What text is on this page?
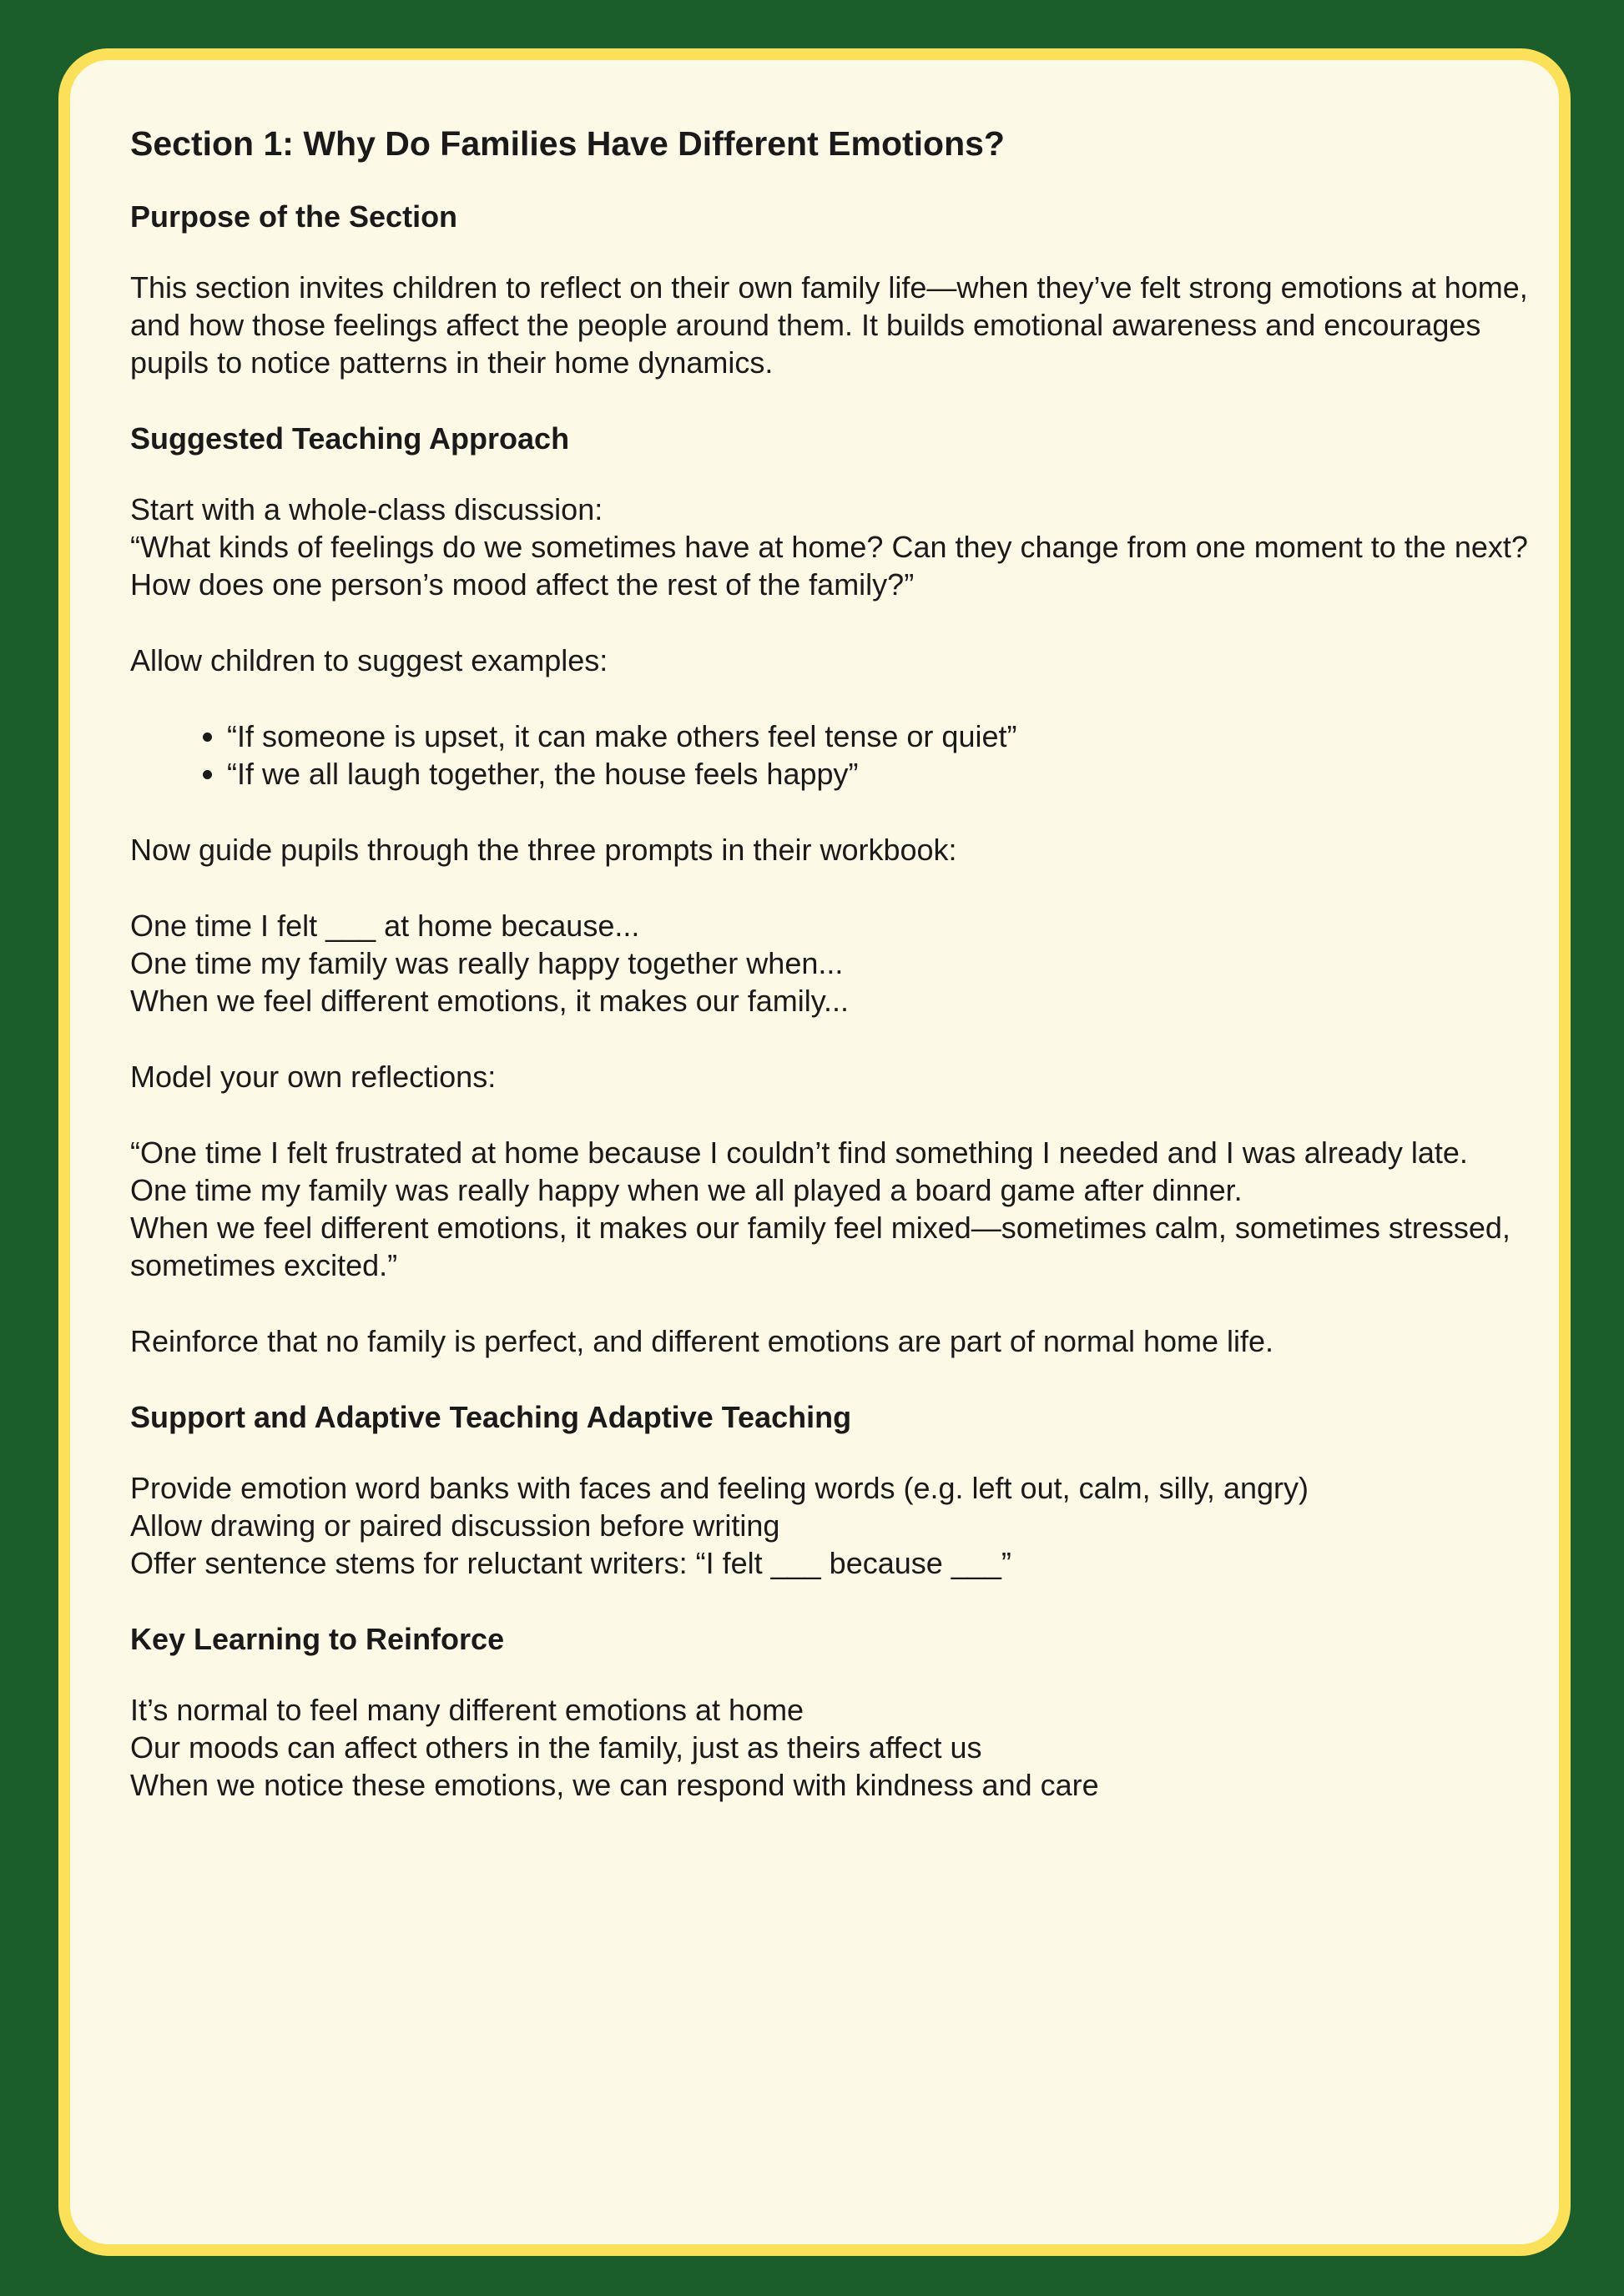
Section 1: Why Do Families Have Different Emotions?
Purpose of the Section

This section invites children to reflect on their own family life—when they’ve felt strong emotions at home, and how those feelings affect the people around them. It builds emotional awareness and encourages pupils to notice patterns in their home dynamics.

Suggested Teaching Approach

Start with a whole-class discussion:
“What kinds of feelings do we sometimes have at home? Can they change from one moment to the next? How does one person’s mood affect the rest of the family?”

Allow children to suggest examples:

• “If someone is upset, it can make others feel tense or quiet”
• “If we all laugh together, the house feels happy”

Now guide pupils through the three prompts in their workbook:

One time I felt ___ at home because...
One time my family was really happy together when...
When we feel different emotions, it makes our family...

Model your own reflections:

“One time I felt frustrated at home because I couldn’t find something I needed and I was already late.
One time my family was really happy when we all played a board game after dinner.
When we feel different emotions, it makes our family feel mixed—sometimes calm, sometimes stressed, sometimes excited.”

Reinforce that no family is perfect, and different emotions are part of normal home life.

Support and Adaptive Teaching Adaptive Teaching

Provide emotion word banks with faces and feeling words (e.g. left out, calm, silly, angry)
Allow drawing or paired discussion before writing
Offer sentence stems for reluctant writers: “I felt ___ because ___”

Key Learning to Reinforce

It’s normal to feel many different emotions at home
Our moods can affect others in the family, just as theirs affect us
When we notice these emotions, we can respond with kindness and care
